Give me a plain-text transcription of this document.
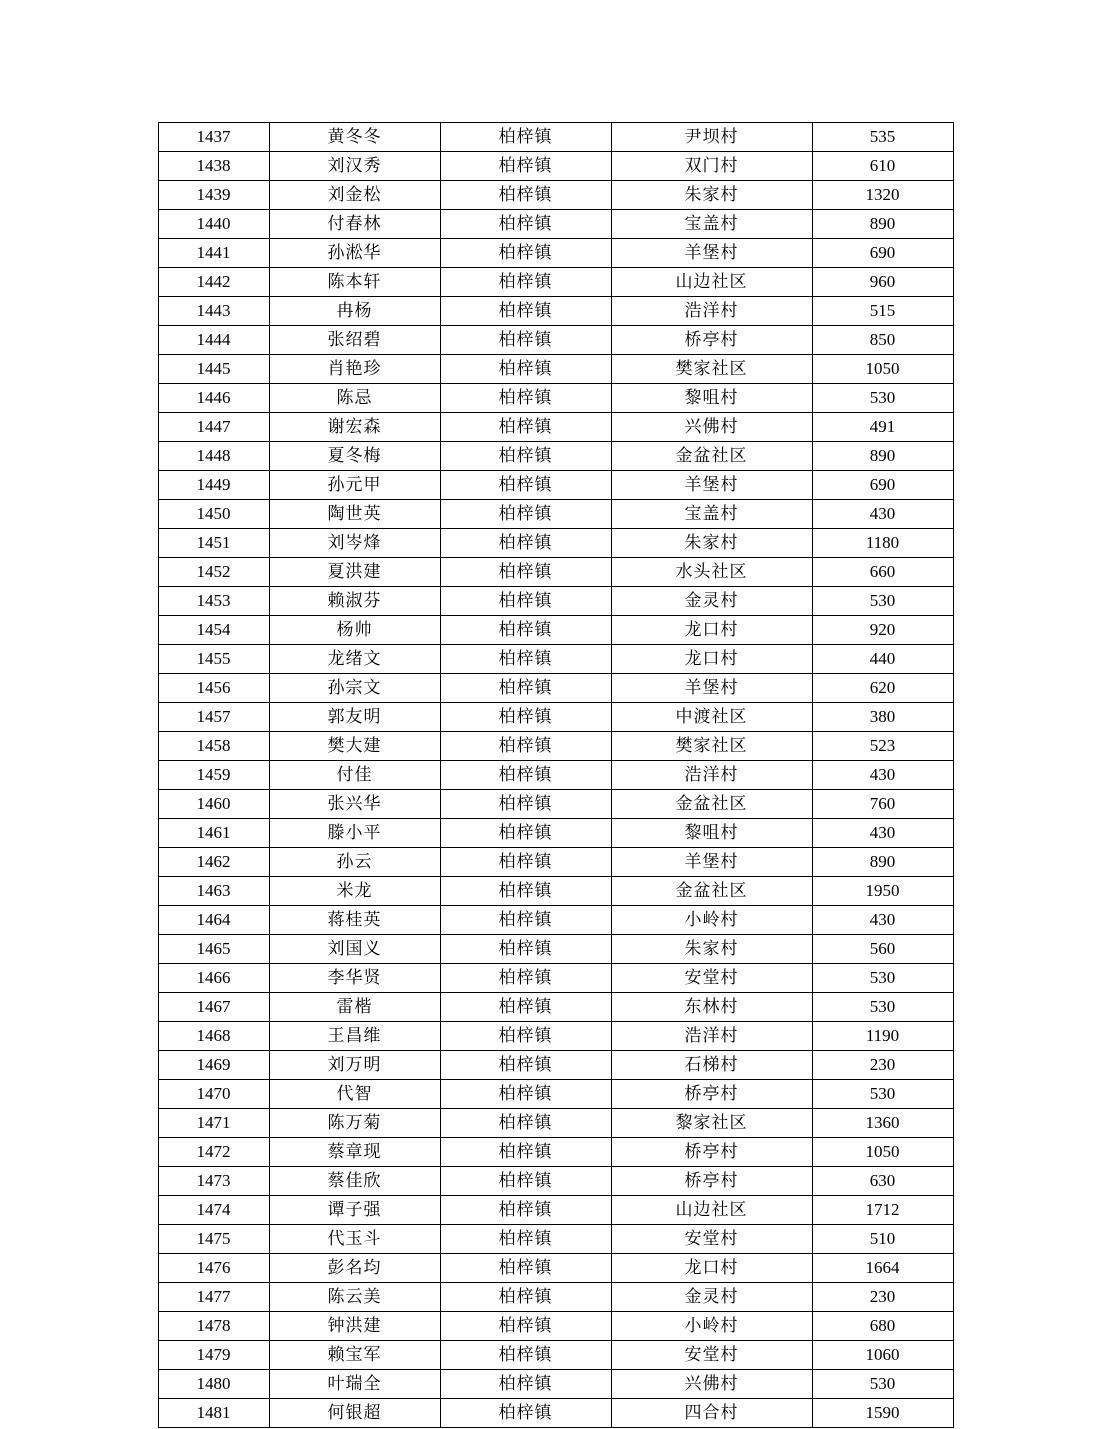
1437	黄冬冬	柏梓镇	尹坝村	535
1438	刘汉秀	柏梓镇	双门村	610
1439	刘金松	柏梓镇	朱家村	1320
1440	付春林	柏梓镇	宝盖村	890
1441	孙淞华	柏梓镇	羊堡村	690
1442	陈本轩	柏梓镇	山边社区	960
1443	冉杨	柏梓镇	浩洋村	515
1444	张绍碧	柏梓镇	桥亭村	850
1445	肖艳珍	柏梓镇	樊家社区	1050
1446	陈忌	柏梓镇	黎咀村	530
1447	谢宏森	柏梓镇	兴佛村	491
1448	夏冬梅	柏梓镇	金盆社区	890
1449	孙元甲	柏梓镇	羊堡村	690
1450	陶世英	柏梓镇	宝盖村	430
1451	刘岑烽	柏梓镇	朱家村	1180
1452	夏洪建	柏梓镇	水头社区	660
1453	赖淑芬	柏梓镇	金灵村	530
1454	杨帅	柏梓镇	龙口村	920
1455	龙绪文	柏梓镇	龙口村	440
1456	孙宗文	柏梓镇	羊堡村	620
1457	郭友明	柏梓镇	中渡社区	380
1458	樊大建	柏梓镇	樊家社区	523
1459	付佳	柏梓镇	浩洋村	430
1460	张兴华	柏梓镇	金盆社区	760
1461	滕小平	柏梓镇	黎咀村	430
1462	孙云	柏梓镇	羊堡村	890
1463	米龙	柏梓镇	金盆社区	1950
1464	蒋桂英	柏梓镇	小岭村	430
1465	刘国义	柏梓镇	朱家村	560
1466	李华贤	柏梓镇	安堂村	530
1467	雷楷	柏梓镇	东林村	530
1468	王昌维	柏梓镇	浩洋村	1190
1469	刘万明	柏梓镇	石梯村	230
1470	代智	柏梓镇	桥亭村	530
1471	陈万菊	柏梓镇	黎家社区	1360
1472	蔡章现	柏梓镇	桥亭村	1050
1473	蔡佳欣	柏梓镇	桥亭村	630
1474	谭子强	柏梓镇	山边社区	1712
1475	代玉斗	柏梓镇	安堂村	510
1476	彭名均	柏梓镇	龙口村	1664
1477	陈云美	柏梓镇	金灵村	230
1478	钟洪建	柏梓镇	小岭村	680
1479	赖宝军	柏梓镇	安堂村	1060
1480	叶瑞全	柏梓镇	兴佛村	530
1481	何银超	柏梓镇	四合村	1590
